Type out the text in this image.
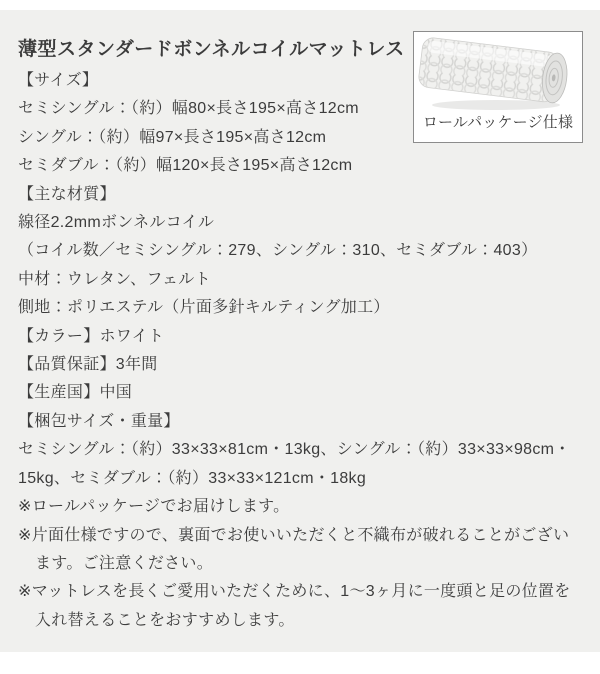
薄型スタンダードボンネルコイルマットレス
【サイズ】
セミシングル：（約）幅80×長さ195×高さ12cm
シングル：（約）幅97×長さ195×高さ12cm
セミダブル：（約）幅120×長さ195×高さ12cm
【主な材質】
線径2.2mmボンネルコイル
（コイル数／セミシングル：279、シングル：310、セミダブル：403）
中材：ウレタン、フェルト
側地：ポリエステル（片面多針キルティング加工）
【カラー】ホワイト
【品質保証】3年間
【生産国】中国
【梱包サイズ・重量】
セミシングル：（約）33×33×81cm・13kg、シングル：（約）33×33×98cm・15kg、セミダブル：（約）33×33×121cm・18kg
※ロールパッケージでお届けします。
※片面仕様ですので、裏面でお使いいただくと不織布が破れることがございます。ご注意ください。
※マットレスを長くご愛用いただくために、1～3ヶ月に一度頭と足の位置を入れ替えることをおすすめします。
ロールパッケージ仕様
